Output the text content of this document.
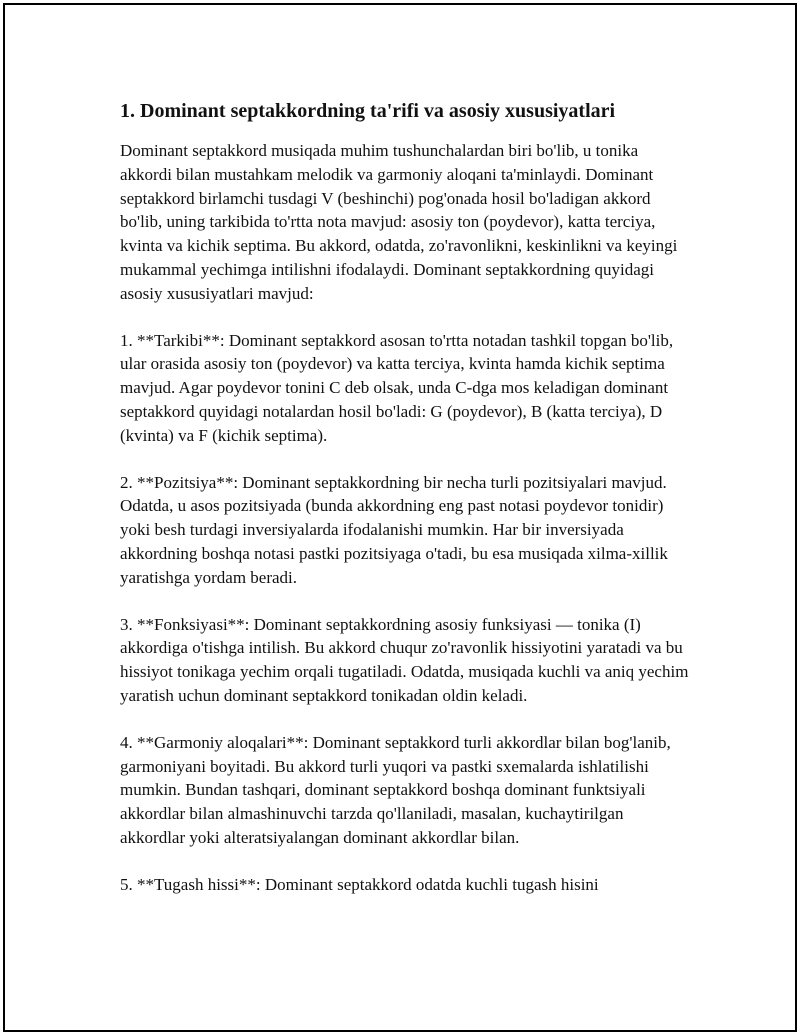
1. Dominant septakkordning ta'rifi va asosiy xususiyatlari

Dominant septakkord musiqada muhim tushunchalardan biri bo'lib, u tonika akkordi bilan mustahkam melodik va garmoniy aloqani ta'minlaydi. Dominant septakkord birlamchi tusdagi V (beshinchi) pog'onada hosil bo'ladigan akkord bo'lib, uning tarkibida to'rtta nota mavjud: asosiy ton (poydevor), katta terciya, kvinta va kichik septima. Bu akkord, odatda, zo'ravonlikni, keskinlikni va keyingi mukammal yechimga intilishni ifodalaydi. Dominant septakkordning quyidagi asosiy xususiyatlari mavjud:

1. **Tarkibi**: Dominant septakkord asosan to'rtta notadan tashkil topgan bo'lib, ular orasida asosiy ton (poydevor) va katta terciya, kvinta hamda kichik septima mavjud. Agar poydevor tonini C deb olsak, unda C-dga mos keladigan dominant septakkord quyidagi notalardan hosil bo'ladi: G (poydevor), B (katta terciya), D (kvinta) va F (kichik septima).

2. **Pozitsiya**: Dominant septakkordning bir necha turli pozitsiyalari mavjud. Odatda, u asos pozitsiyada (bunda akkordning eng past notasi poydevor tonidir) yoki besh turdagi inversiyalarda ifodalanishi mumkin. Har bir inversiyada akkordning boshqa notasi pastki pozitsiyaga o'tadi, bu esa musiqada xilma-xillik yaratishga yordam beradi.

3. **Fonksiyasi**: Dominant septakkordning asosiy funksiyasi — tonika (I) akkordiga o'tishga intilish. Bu akkord chuqur zo'ravonlik hissiyotini yaratadi va bu hissiyot tonikaga yechim orqali tugatiladi. Odatda, musiqada kuchli va aniq yechim yaratish uchun dominant septakkord tonikadan oldin keladi.

4. **Garmoniy aloqalari**: Dominant septakkord turli akkordlar bilan bog'lanib, garmoniyani boyitadi. Bu akkord turli yuqori va pastki sxemalarda ishlatilishi mumkin. Bundan tashqari, dominant septakkord boshqa dominant funktsiyali akkordlar bilan almashinuvchi tarzda qo'llaniladi, masalan, kuchaytirilgan akkordlar yoki alteratsiyalangan dominant akkordlar bilan.

5. **Tugash hissi**: Dominant septakkord odatda kuchli tugash hisini
